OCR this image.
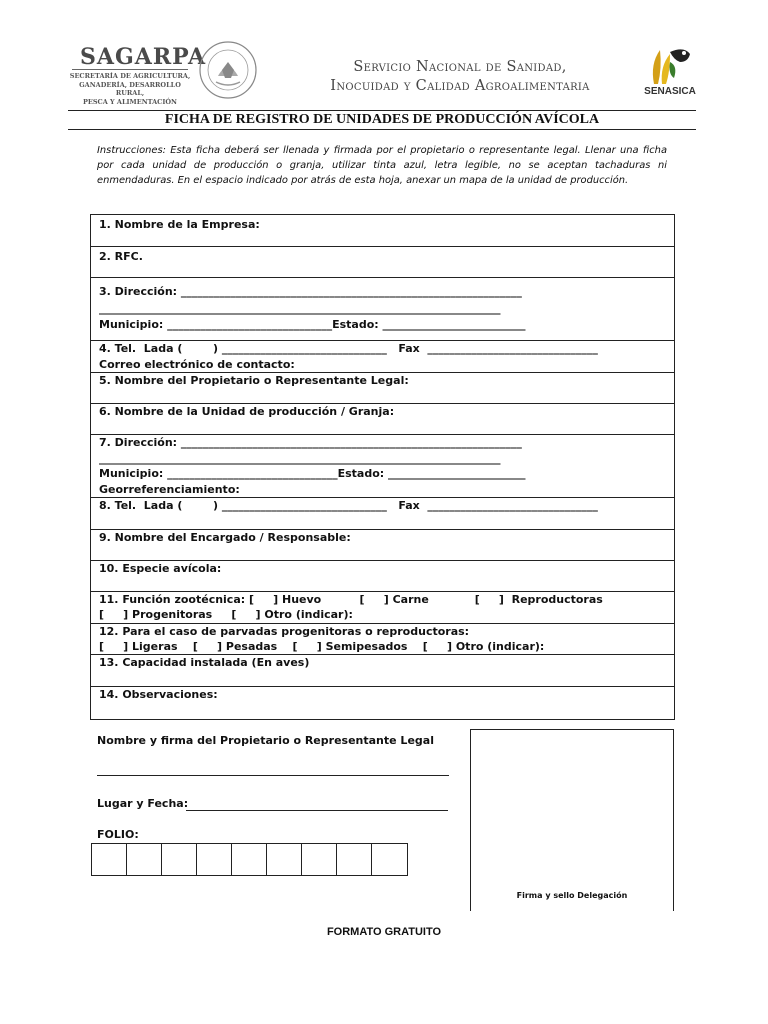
SAGARPA
SECRETARÍA DE AGRICULTURA,
GANADERÍA, DESARROLLO RURAL,
PESCA Y ALIMENTACIÓN
Servicio Nacional de Sanidad,
Inocuidad y Calidad Agroalimentaria	SENASICA
FICHA DE REGISTRO DE UNIDADES DE PRODUCCIÓN AVÍCOLA
Instrucciones: Esta ficha deberá ser llenada y firmada por el propietario o representante legal. Llenar una ficha por cada unidad de producción o granja, utilizar tinta azul, letra legible, no se aceptan tachaduras ni enmendaduras. En el espacio indicado por atrás de esta hoja, anexar un mapa de la unidad de producción.
1. Nombre de la Empresa:
2. RFC.
3. Dirección: ______________________________________________________________
_________________________________________________________________________
Municipio: ______________________________Estado: __________________________
4. Tel.  Lada (        ) ______________________________   Fax  _______________________________
Correo electrónico de contacto:
5. Nombre del Propietario o Representante Legal:
6. Nombre de la Unidad de producción / Granja:
7. Dirección: ______________________________________________________________
_________________________________________________________________________
Municipio: _______________________________Estado: _________________________
Georreferenciamiento:
8. Tel.  Lada (        ) ______________________________   Fax  _______________________________
9. Nombre del Encargado / Responsable:
10. Especie avícola:
11. Función zootécnica: [     ] Huevo          [     ] Carne            [     ]  Reproductoras
[     ] Progenitoras     [     ] Otro (indicar):
12. Para el caso de parvadas progenitoras o reproductoras:
[     ] Ligeras    [     ] Pesadas    [     ] Semipesados    [     ] Otro (indicar):
13. Capacidad instalada (En aves)
14. Observaciones:
Nombre y firma del Propietario o Representante Legal
Lugar y Fecha:
FOLIO:
Firma y sello Delegación
FORMATO GRATUITO
